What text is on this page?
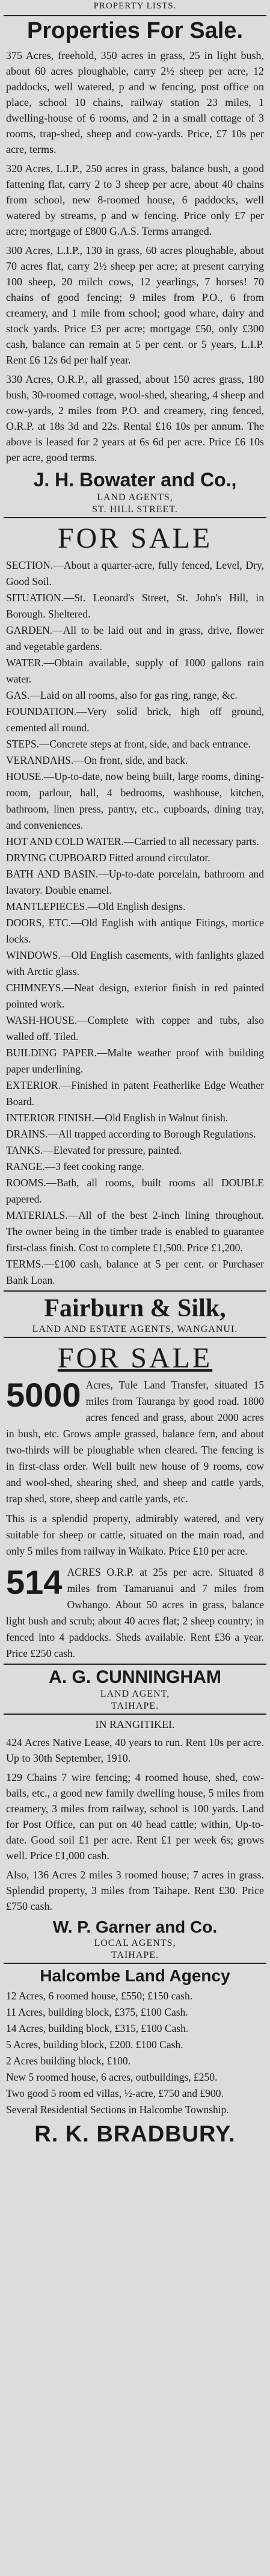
PROPERTY LISTS.
Properties For Sale.

375 Acres, freehold, 350 acres in grass, 25 in light bush, about 60 acres ploughable, carry 2½ sheep per acre, 12 paddocks, well watered, p and w fencing, post office on place, school 10 chains, railway station 23 miles, 1 dwelling-house of 6 rooms, and 2 in a small cottage of 3 rooms, trap-shed, sheep and cow-yards. Price, £7 10s per acre, terms.

320 Acres, L.I.P., 250 acres in grass, balance bush, a good fattening flat, carry 2 to 3 sheep per acre, about 40 chains from school, new 8-roomed house, 6 paddocks, well watered by streams, p and w fencing. Price only £7 per acre; mortgage of £800 G.A.S. Terms arranged.

300 Acres, L.I.P., 130 in grass, 60 acres ploughable, about 70 acres flat, carry 2½ sheep per acre; at present carrying 100 sheep, 20 milch cows, 12 yearlings, 7 horses! 70 chains of good fencing; 9 miles from P.O., 6 from creamery, and 1 mile from school; good whare, dairy and stock yards. Price £3 per acre; mortgage £50, only £300 cash, balance can remain at 5 per cent. or 5 years, L.I.P. Rent £6 12s 6d per half year.

330 Acres, O.R.P., all grassed, about 150 acres grass, 180 bush, 30-roomed cottage, wool-shed, shearing, 4 sheep and cow-yards, 2 miles from P.O. and creamery, ring fenced, O.R.P. at 18s 3d and 22s. Rental £16 10s per annum. The above is leased for 2 years at 6s 6d per acre. Price £6 10s per acre, good terms.

J. H. Bowater and Co.,
LAND AGENTS,
ST. HILL STREET.
FOR SALE
SECTION.—About a quarter-acre, fully fenced, Level, Dry, Good Soil.
SITUATION.—St. Leonard's Street, St. John's Hill, in Borough. Sheltered.
GARDEN.—All to be laid out and in grass, drive, flower and vegetable gardens.
WATER.—Obtain available, supply of 1000 gallons rain water.
GAS.—Laid on all rooms, also for gas ring, range, &c.
FOUNDATION.—Very solid brick, high off ground, cemented all round.
STEPS.—Concrete steps at front, side, and back entrance.
VERANDAHS.—On front, side, and back.
HOUSE.—Up-to-date, now being built, large rooms, dining-room, parlour, hall, 4 bedrooms, washhouse, kitchen, bathroom, linen press, pantry, etc., cupboards, dining tray, and conveniences.
HOT AND COLD WATER.—Carried to all necessary parts.
DRYING CUPBOARD Fitted around circulator.
BATH AND BASIN.—Up-to-date porcelain, bathroom and lavatory. Double enamel.
MANTLEPIECES.—Old English designs.
DOORS, ETC.—Old English with antique Fitings, mortice locks.
WINDOWS.—Old English casements, with fanlights glazed with Arctic glass.
CHIMNEYS.—Neat design, exterior finish in red painted pointed work.
WASH-HOUSE.—Complete with copper and tubs, also walled off. Tiled.
BUILDING PAPER.—Malte weather proof with building paper underlining.
EXTERIOR.—Finished in patent Featherlike Edge Weather Board.
INTERIOR FINISH.—Old English in Walnut finish.
DRAINS.—All trapped according to Borough Regulations.
TANKS.—Elevated for pressure, painted.
RANGE.—3 feet cooking range.
ROOMS.—Bath, all rooms, built rooms all DOUBLE papered.
MATERIALS.—All of the best 2-inch lining throughout. The owner being in the timber trade is enabled to guarantee first-class finish. Cost to complete £1,500. Price £1,200.
TERMS.—£100 cash, balance at 5 per cent. or Purchaser Bank Loan.
Fairburn & Silk,
LAND AND ESTATE AGENTS, WANGANUI.
FOR SALE
5000 Acres, Tule Land Transfer, situated 15 miles from Tauranga by good road. 1800 acres fenced and grass, about 2000 acres in bush, etc. Grows ample grassed, balance fern, and about two-thirds will be ploughable when cleared. The fencing is in first-class order. Well built new house of 9 rooms, cow and wool-shed, shearing shed, and sheep and cattle yards, trap shed, store, sheep and cattle yards, etc.
This is a splendid property, admirably watered, and very suitable for sheep or cattle, situated on the main road, and only 5 miles from railway in Waikato. Price £10 per acre.
514 ACRES O.R.P. at 25s per acre. Situated 8 miles from Tamaruanui and 7 miles from Owhango. About 50 acres in grass, balance light bush and scrub; about 40 acres flat; 2 sheep country; in fenced into 4 paddocks. Sheds available. Rent £36 a year. Price £250 cash.
A. G. CUNNINGHAM
LAND AGENT,
TAIHAPE.
IN RANGITIKEI.

424 Acres Native Lease, 40 years to run. Rent 10s per acre. Up to 30th September, 1910.

129 Chains 7 wire fencing; 4 roomed house, shed, cow-bails, etc., a good new family dwelling house, 5 miles from creamery, 3 miles from railway, school is 100 yards. Land for Post Office, can put on 40 head cattle; within, Up-to-date. Good soil £1 per acre. Rent £1 per week 6s; grows well. Price £1,000 cash.

Also, 136 Acres 2 miles 3 roomed house; 7 acres in grass. Splendid property, 3 miles from Taihape. Rent £30. Price £750 cash.

W. P. Garner and Co.
LOCAL AGENTS,
TAIHAPE.
Halcombe Land Agency
12 Acres, 6 roomed house, £550; £150 cash.
11 Acres, building block, £375, £100 Cash.
14 Acres, building block, £315, £100 Cash.
5 Acres, building block, £200. £100 Cash.
2 Acres building block, £100.
New 5 roomed house, 6 acres, outbuildings, £250.
Two good 5 room ed villas, ½-acre, £750 and £900.
Several Residential Sections in Halcombe Township.
R. K. BRADBURY.
